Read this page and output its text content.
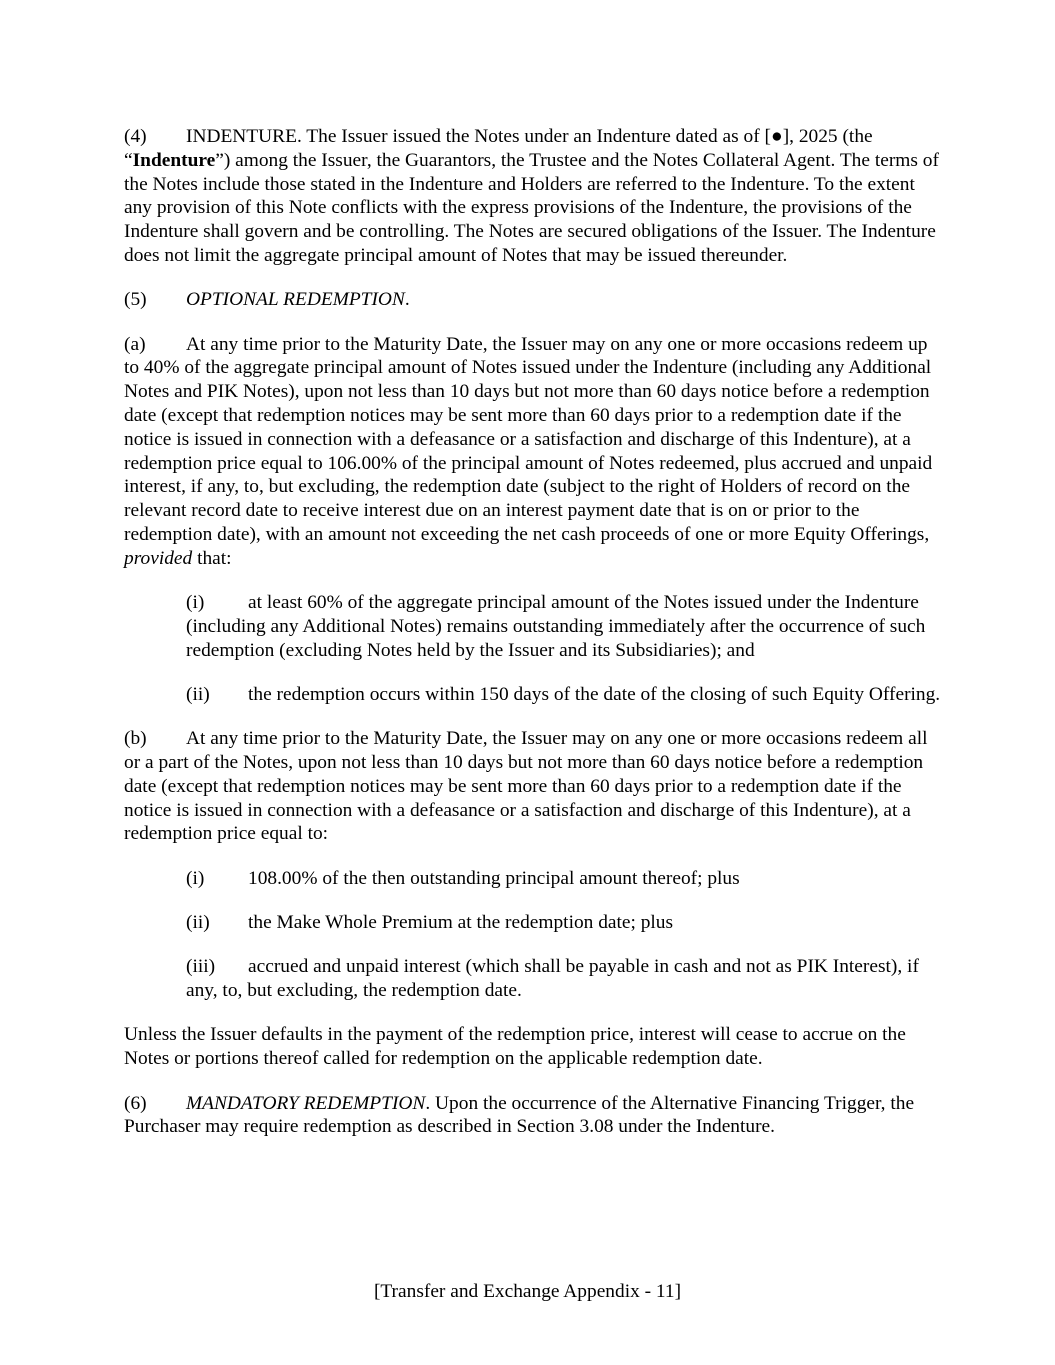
(4) INDENTURE. The Issuer issued the Notes under an Indenture dated as of [●], 2025 (the “Indenture”) among the Issuer, the Guarantors, the Trustee and the Notes Collateral Agent. The terms of the Notes include those stated in the Indenture and Holders are referred to the Indenture. To the extent any provision of this Note conflicts with the express provisions of the Indenture, the provisions of the Indenture shall govern and be controlling. The Notes are secured obligations of the Issuer. The Indenture does not limit the aggregate principal amount of Notes that may be issued thereunder.

(5) OPTIONAL REDEMPTION.

(a) At any time prior to the Maturity Date, the Issuer may on any one or more occasions redeem up to 40% of the aggregate principal amount of Notes issued under the Indenture (including any Additional Notes and PIK Notes), upon not less than 10 days but not more than 60 days notice before a redemption date (except that redemption notices may be sent more than 60 days prior to a redemption date if the notice is issued in connection with a defeasance or a satisfaction and discharge of this Indenture), at a redemption price equal to 106.00% of the principal amount of Notes redeemed, plus accrued and unpaid interest, if any, to, but excluding, the redemption date (subject to the right of Holders of record on the relevant record date to receive interest due on an interest payment date that is on or prior to the redemption date), with an amount not exceeding the net cash proceeds of one or more Equity Offerings, provided that:

(i) at least 60% of the aggregate principal amount of the Notes issued under the Indenture (including any Additional Notes) remains outstanding immediately after the occurrence of such redemption (excluding Notes held by the Issuer and its Subsidiaries); and

(ii) the redemption occurs within 150 days of the date of the closing of such Equity Offering.

(b) At any time prior to the Maturity Date, the Issuer may on any one or more occasions redeem all or a part of the Notes, upon not less than 10 days but not more than 60 days notice before a redemption date (except that redemption notices may be sent more than 60 days prior to a redemption date if the notice is issued in connection with a defeasance or a satisfaction and discharge of this Indenture), at a redemption price equal to:

(i) 108.00% of the then outstanding principal amount thereof; plus

(ii) the Make Whole Premium at the redemption date; plus

(iii) accrued and unpaid interest (which shall be payable in cash and not as PIK Interest), if any, to, but excluding, the redemption date.

Unless the Issuer defaults in the payment of the redemption price, interest will cease to accrue on the Notes or portions thereof called for redemption on the applicable redemption date.

(6) MANDATORY REDEMPTION. Upon the occurrence of the Alternative Financing Trigger, the Purchaser may require redemption as described in Section 3.08 under the Indenture.

[Transfer and Exchange Appendix - 11]
